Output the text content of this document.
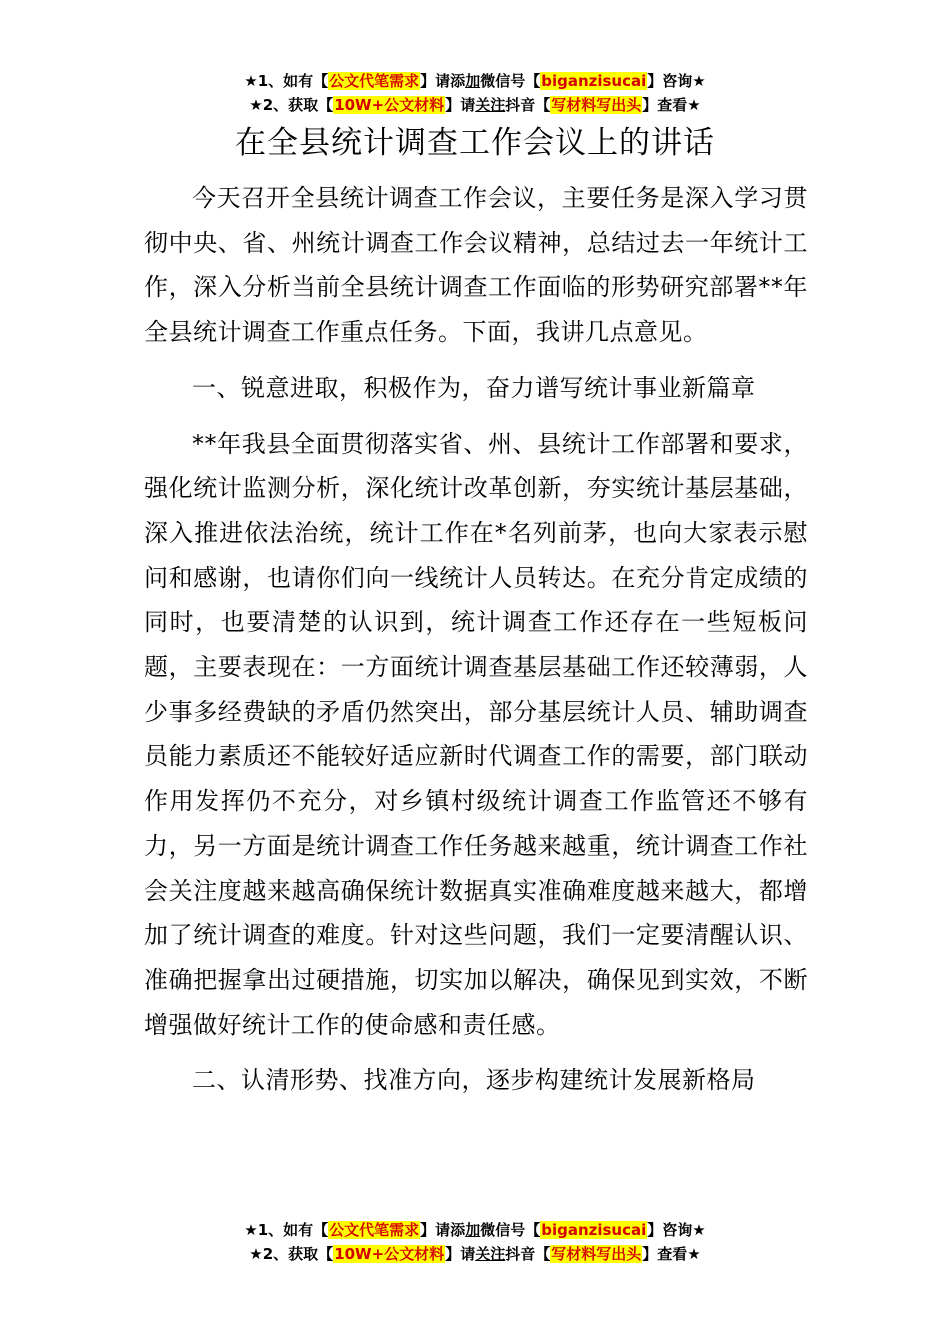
★1、如有【公文代笔需求】请添加微信号【biganzisucai】咨询★
★2、获取【10W+公文材料】请关注抖音【写材料写出头】查看★
在全县统计调查工作会议上的讲话

今天召开全县统计调查工作会议，主要任务是深入学习贯彻中央、省、州统计调查工作会议精神，总结过去一年统计工作，深入分析当前全县统计调查工作面临的形势研究部署**年全县统计调查工作重点任务。下面，我讲几点意见。

一、锐意进取，积极作为，奋力谱写统计事业新篇章

**年我县全面贯彻落实省、州、县统计工作部署和要求，强化统计监测分析，深化统计改革创新，夯实统计基层基础，深入推进依法治统，统计工作在*名列前茅，也向大家表示慰问和感谢，也请你们向一线统计人员转达。在充分肯定成绩的同时，也要清楚的认识到，统计调查工作还存在一些短板问题，主要表现在：一方面统计调查基层基础工作还较薄弱，人少事多经费缺的矛盾仍然突出，部分基层统计人员、辅助调查员能力素质还不能较好适应新时代调查工作的需要，部门联动作用发挥仍不充分，对乡镇村级统计调查工作监管还不够有力，另一方面是统计调查工作任务越来越重，统计调查工作社会关注度越来越高确保统计数据真实准确难度越来越大，都增加了统计调查的难度。针对这些问题，我们一定要清醒认识、准确把握拿出过硬措施，切实加以解决，确保见到实效，不断增强做好统计工作的使命感和责任感。

二、认清形势、找准方向，逐步构建统计发展新格局

★1、如有【公文代笔需求】请添加微信号【biganzisucai】咨询★
★2、获取【10W+公文材料】请关注抖音【写材料写出头】查看★
